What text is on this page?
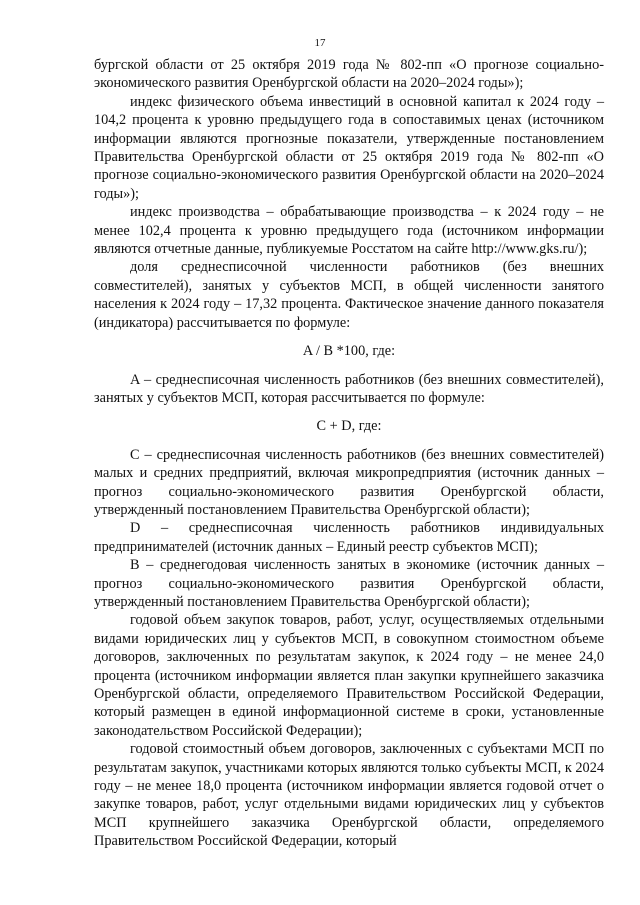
17

бургской области от 25 октября 2019 года № 802-пп «О прогнозе социально-экономического развития Оренбургской области на 2020–2024 годы»);

индекс физического объема инвестиций в основной капитал к 2024 году – 104,2 процента к уровню предыдущего года в сопоставимых ценах (источником информации являются прогнозные показатели, утвержденные постановлением Правительства Оренбургской области от 25 октября 2019 года № 802-пп «О прогнозе социально-экономического развития Оренбургской области на 2020–2024 годы»);

индекс производства – обрабатывающие производства – к 2024 году – не менее 102,4 процента к уровню предыдущего года (источником информации являются отчетные данные, публикуемые Росстатом на сайте http://www.gks.ru/);

доля среднесписочной численности работников (без внешних совместителей), занятых у субъектов МСП, в общей численности занятого населения к 2024 году – 17,32 процента. Фактическое значение данного показателя (индикатора) рассчитывается по формуле:

A / B *100, где:

A – среднесписочная численность работников (без внешних совместителей), занятых у субъектов МСП, которая рассчитывается по формуле:

C + D, где:

C – среднесписочная численность работников (без внешних совместителей) малых и средних предприятий, включая микропредприятия (источник данных – прогноз социально-экономического развития Оренбургской области, утвержденный постановлением Правительства Оренбургской области);

D – среднесписочная численность работников индивидуальных предпринимателей (источник данных – Единый реестр субъектов МСП);

B – среднегодовая численность занятых в экономике (источник данных – прогноз социально-экономического развития Оренбургской области, утвержденный постановлением Правительства Оренбургской области);

годовой объем закупок товаров, работ, услуг, осуществляемых отдельными видами юридических лиц у субъектов МСП, в совокупном стоимостном объеме договоров, заключенных по результатам закупок, к 2024 году – не менее 24,0 процента (источником информации является план закупки крупнейшего заказчика Оренбургской области, определяемого Правительством Российской Федерации, который размещен в единой информационной системе в сроки, установленные законодательством Российской Федерации);

годовой стоимостный объем договоров, заключенных с субъектами МСП по результатам закупок, участниками которых являются только субъекты МСП, к 2024 году – не менее 18,0 процента (источником информации является годовой отчет о закупке товаров, работ, услуг отдельными видами юридических лиц у субъектов МСП крупнейшего заказчика Оренбургской области, определяемого Правительством Российской Федерации, который
